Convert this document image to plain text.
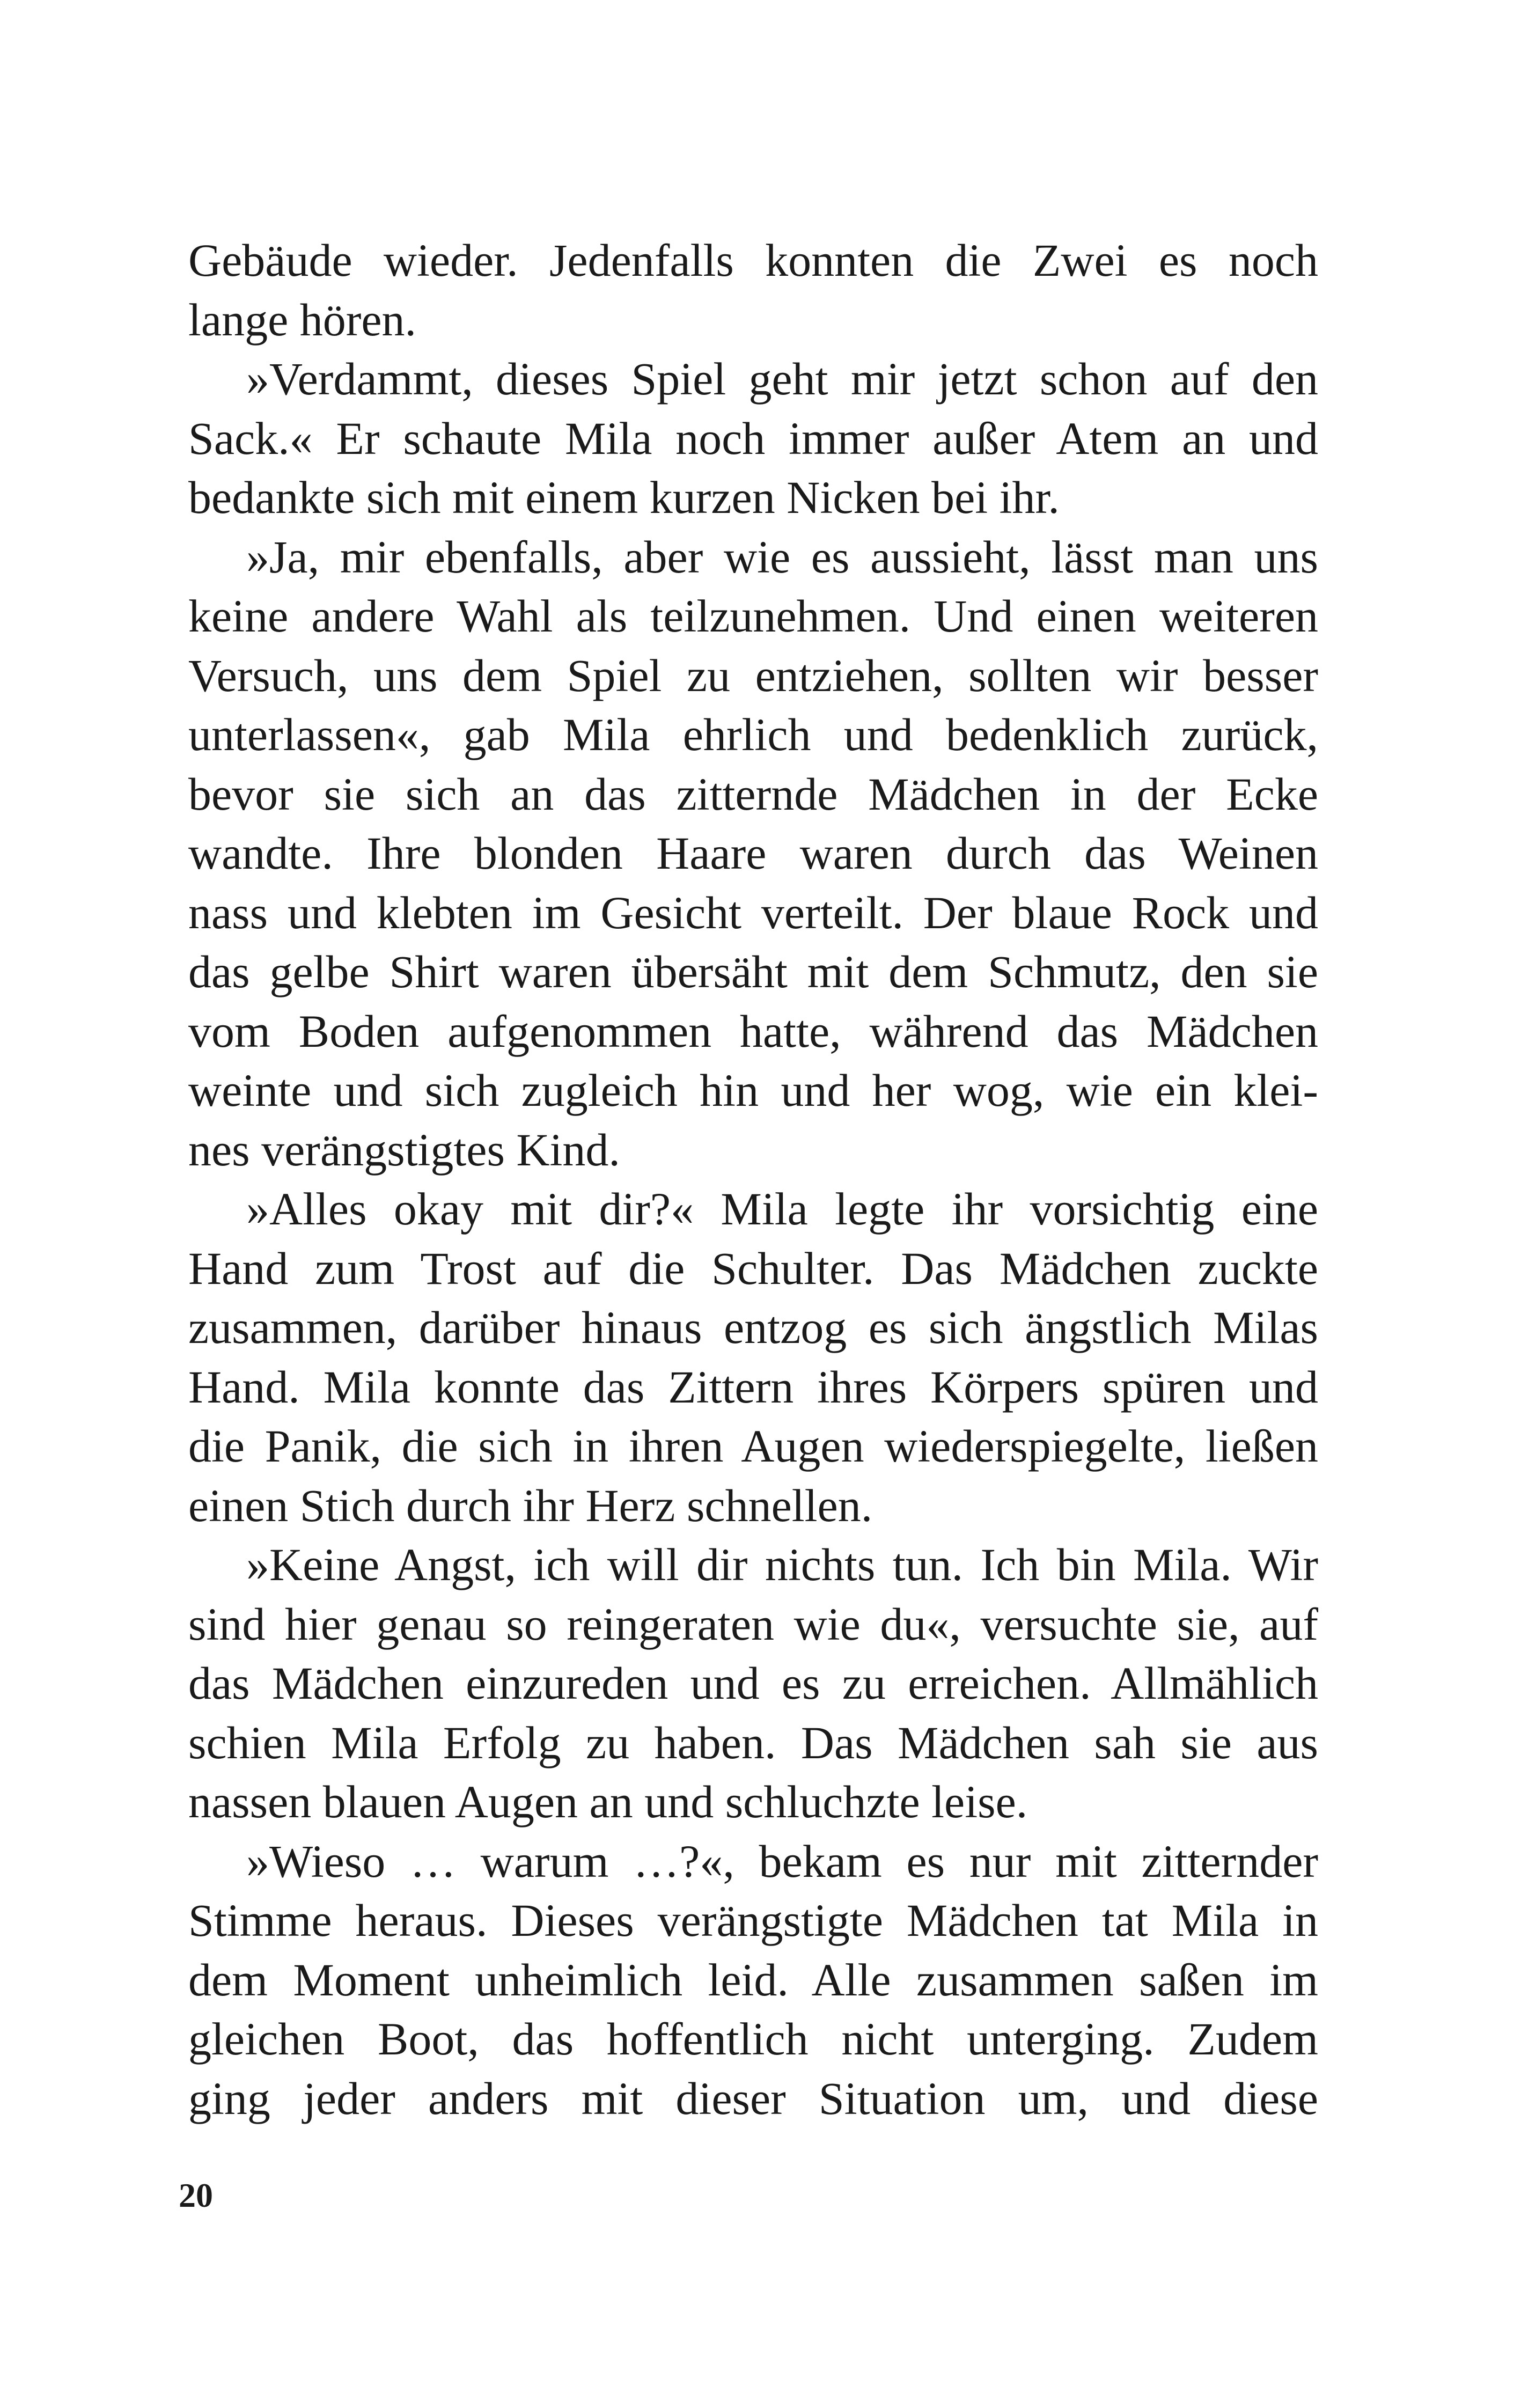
Gebäude wieder. Jedenfalls konnten die Zwei es noch
lange hören.
»Verdammt, dieses Spiel geht mir jetzt schon auf den
Sack.« Er schaute Mila noch immer außer Atem an und
bedankte sich mit einem kurzen Nicken bei ihr.
»Ja, mir ebenfalls, aber wie es aussieht, lässt man uns
keine andere Wahl als teilzunehmen. Und einen weiteren
Versuch, uns dem Spiel zu entziehen, sollten wir besser
unterlassen«, gab Mila ehrlich und bedenklich zurück,
bevor sie sich an das zitternde Mädchen in der Ecke
wandte. Ihre blonden Haare waren durch das Weinen
nass und klebten im Gesicht verteilt. Der blaue Rock und
das gelbe Shirt waren übersäht mit dem Schmutz, den sie
vom Boden aufgenommen hatte, während das Mädchen
weinte und sich zugleich hin und her wog, wie ein klei-
nes verängstigtes Kind.
»Alles okay mit dir?« Mila legte ihr vorsichtig eine
Hand zum Trost auf die Schulter. Das Mädchen zuckte
zusammen, darüber hinaus entzog es sich ängstlich Milas
Hand. Mila konnte das Zittern ihres Körpers spüren und
die Panik, die sich in ihren Augen wiederspiegelte, ließen
einen Stich durch ihr Herz schnellen.
»Keine Angst, ich will dir nichts tun. Ich bin Mila. Wir
sind hier genau so reingeraten wie du«, versuchte sie, auf
das Mädchen einzureden und es zu erreichen. Allmählich
schien Mila Erfolg zu haben. Das Mädchen sah sie aus
nassen blauen Augen an und schluchzte leise.
»Wieso … warum …?«, bekam es nur mit zitternder
Stimme heraus. Dieses verängstigte Mädchen tat Mila in
dem Moment unheimlich leid. Alle zusammen saßen im
gleichen Boot, das hoffentlich nicht unterging. Zudem
ging jeder anders mit dieser Situation um, und diese
20
